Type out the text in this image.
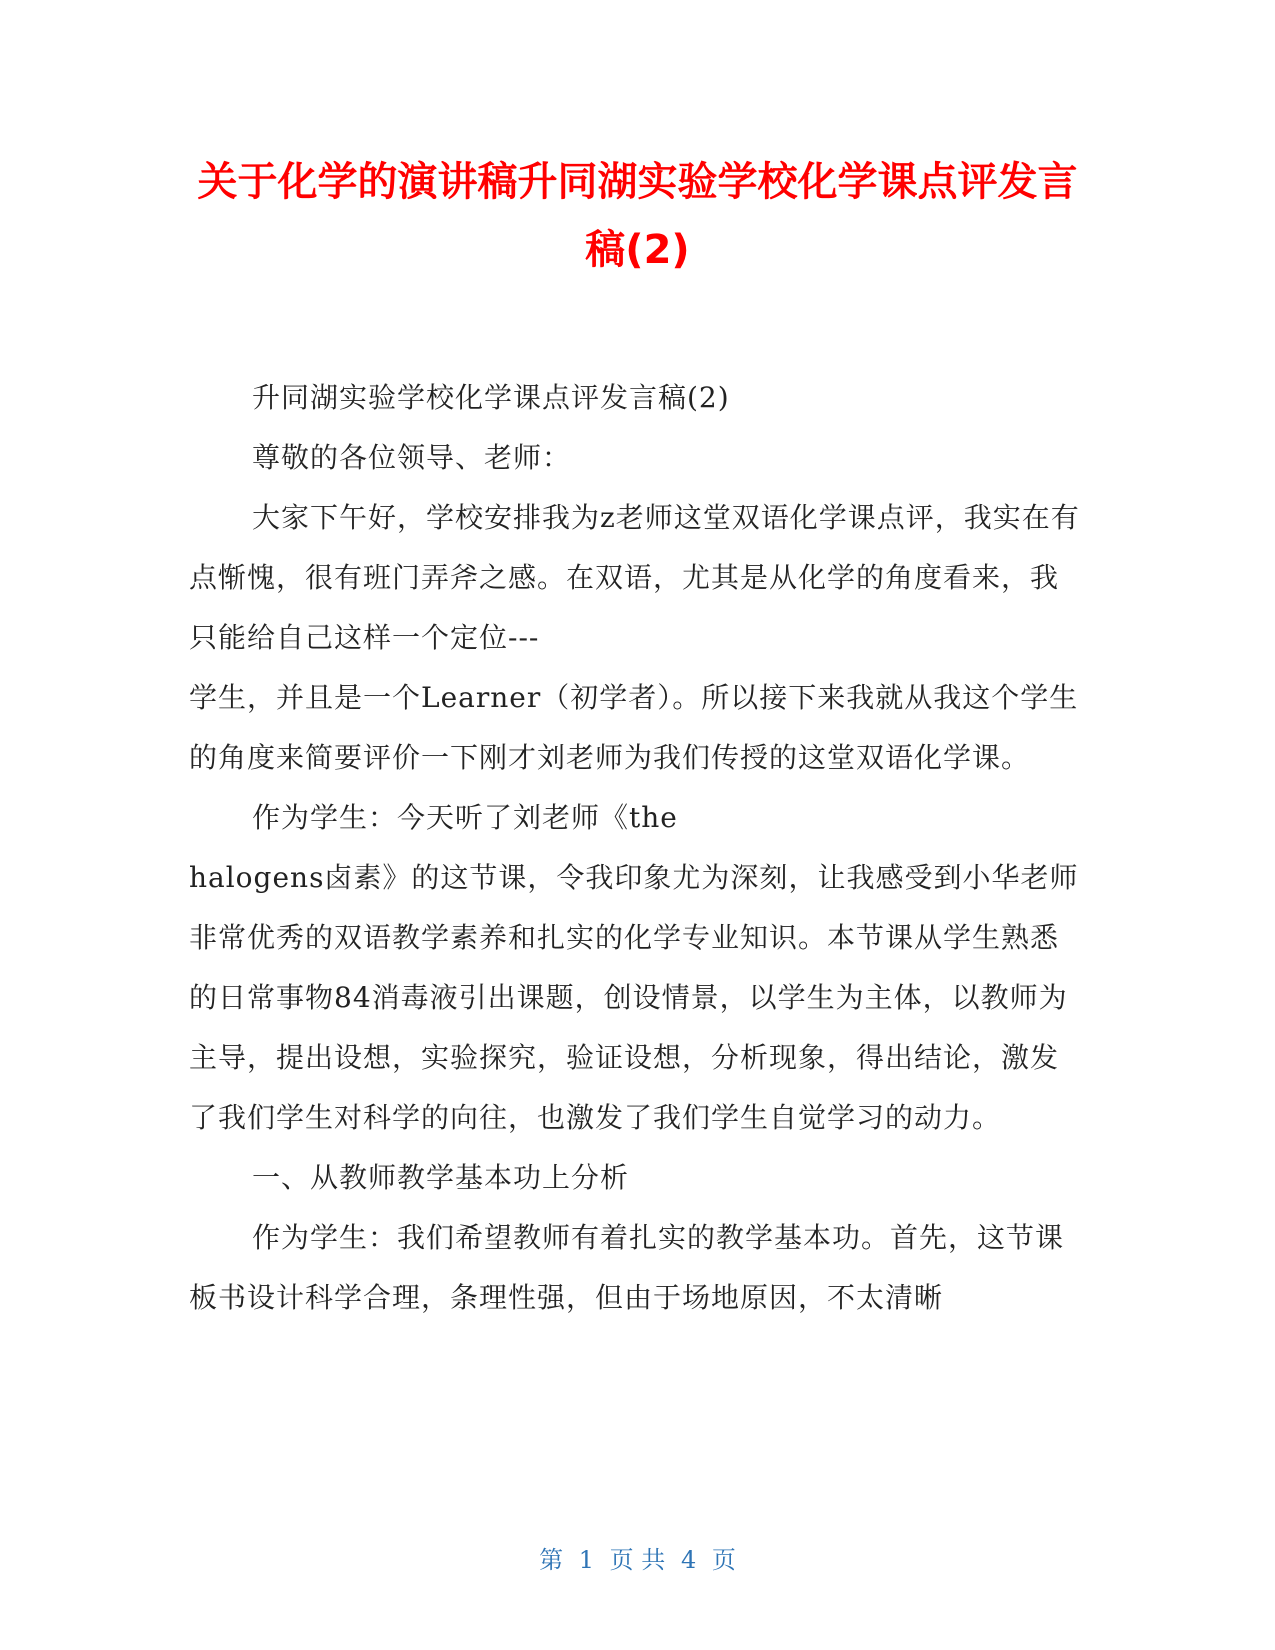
关于化学的演讲稿升同湖实验学校化学课点评发言稿(2)

升同湖实验学校化学课点评发言稿(2)

尊敬的各位领导、老师：

大家下午好，学校安排我为z老师这堂双语化学课点评，我实在有点惭愧，很有班门弄斧之感。在双语，尤其是从化学的角度看来，我只能给自己这样一个定位---

学生，并且是一个Learner（初学者）。所以接下来我就从我这个学生的角度来简要评价一下刚才刘老师为我们传授的这堂双语化学课。

作为学生：今天听了刘老师《the

halogens卤素》的这节课，令我印象尤为深刻，让我感受到小华老师非常优秀的双语教学素养和扎实的化学专业知识。本节课从学生熟悉的日常事物84消毒液引出课题，创设情景，以学生为主体，以教师为主导，提出设想，实验探究，验证设想，分析现象，得出结论，激发了我们学生对科学的向往，也激发了我们学生自觉学习的动力。

一、从教师教学基本功上分析

作为学生：我们希望教师有着扎实的教学基本功。首先，这节课板书设计科学合理，条理性强，但由于场地原因，不太清晰

第 1 页 共 4 页
